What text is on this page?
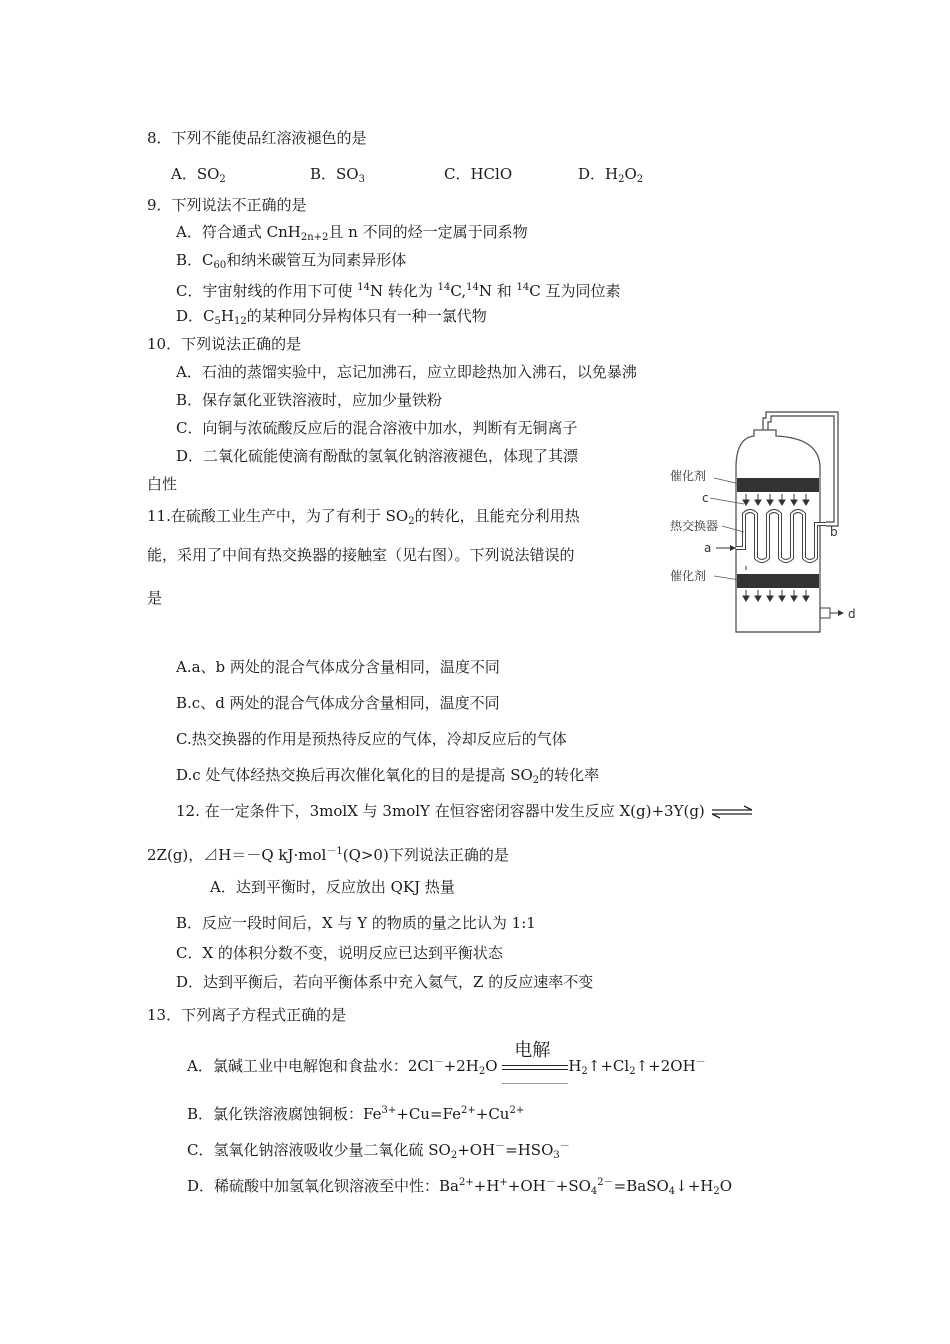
8．下列不能使品红溶液褪色的是
A．$SO_2$	B．$SO_3$	C．HClO	D．$H_2O_2$
9．下列说法不正确的是
A．符合通式 CnH$_{2n+2}$且 n 不同的烃一定属于同系物
B．$C_{60}$和纳米碳管互为同素异形体
C．宇宙射线的作用下可使 $^{14}$N 转化为 $^{14}$C,$^{14}$N 和 $^{14}$C 互为同位素
D．$C_5H_{12}$的某种同分异构体只有一种一氯代物
10．下列说法正确的是
A．石油的蒸馏实验中，忘记加沸石，应立即趁热加入沸石，以免暴沸
B．保存氯化亚铁溶液时，应加少量铁粉
C．向铜与浓硫酸反应后的混合溶液中加水，判断有无铜离子
D．二氧化硫能使滴有酚酞的氢氧化钠溶液褪色，体现了其漂
白性
11.在硫酸工业生产中，为了有利于 $SO_2$的转化，且能充分利用热
能，采用了中间有热交换器的接触室（见右图）。下列说法错误的
是
催化剂
c
热交换器
a
催化剂
b
d
A.a、b 两处的混合气体成分含量相同，温度不同
B.c、d 两处的混合气体成分含量相同，温度不同
C.热交换器的作用是预热待反应的气体，冷却反应后的气体
D.c 处气体经热交换后再次催化氧化的目的是提高 $SO_2$的转化率
12. 在一定条件下，3molX 与 3molY 在恒容密闭容器中发生反应 X(g)+3Y(g) ⇌
2Z(g)，⊿H＝－Q kJ·mol$^{-1}$(Q>0)下列说法正确的是
A．达到平衡时，反应放出 QKJ 热量
B．反应一段时间后，X 与 Y 的物质的量之比认为 1:1
C．X 的体积分数不变，说明反应已达到平衡状态
D．达到平衡后，若向平衡体系中充入氦气，Z 的反应速率不变
13．下列离子方程式正确的是
A．氯碱工业中电解饱和食盐水：$2Cl^-+2H_2O$
电解
$H_2↑+Cl_2↑+2OH^-$
B．氯化铁溶液腐蚀铜板：$Fe^{3+}+Cu=Fe^{2+}+Cu^{2+}$
C．氢氧化钠溶液吸收少量二氧化硫 $SO_2+OH^-=HSO_3^-$
D．稀硫酸中加氢氧化钡溶液至中性：$Ba^{2+}+H^++OH^-+SO_4^{2-}=BaSO_4↓+H_2O$
